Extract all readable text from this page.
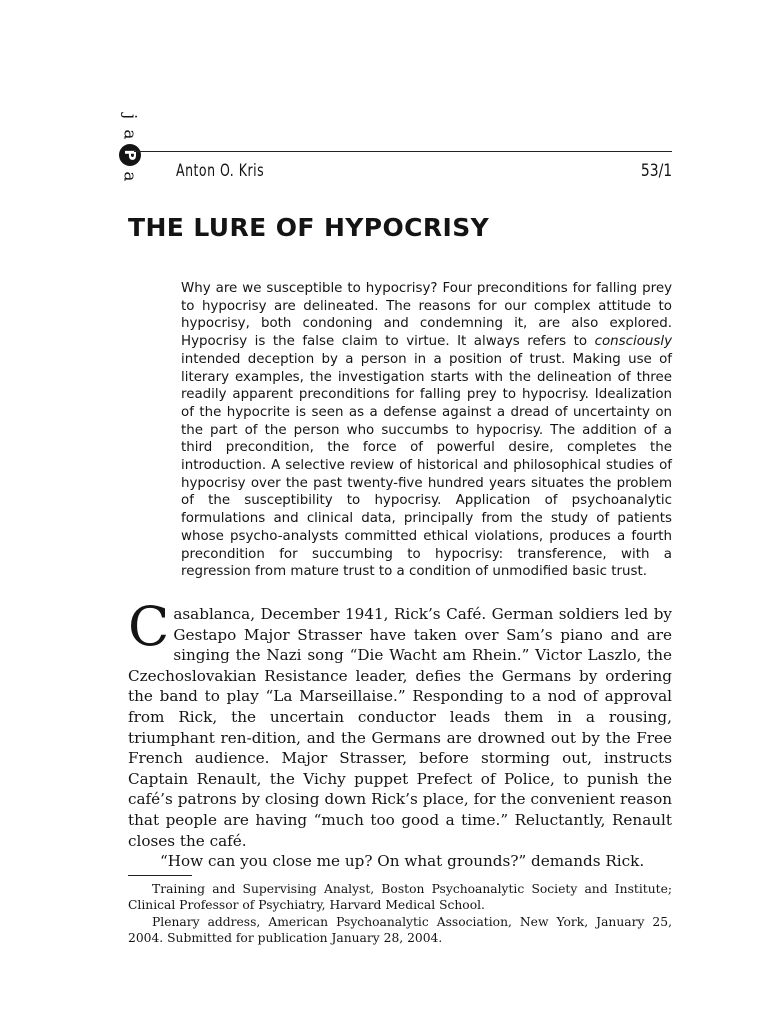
j
a
P
a Anton O. Kris	53/1
THE LURE OF HYPOCRISY

Why are we susceptible to hypocrisy? Four preconditions for falling prey to hypocrisy are delineated. The reasons for our complex attitude to hypocrisy, both condoning and condemning it, are also explored. Hypocrisy is the false claim to virtue. It always refers to consciously intended deception by a person in a position of trust. Making use of literary examples, the investigation starts with the delineation of three readily apparent preconditions for falling prey to hypocrisy. Idealization of the hypocrite is seen as a defense against a dread of uncertainty on the part of the person who succumbs to hypocrisy. The addition of a third precondition, the force of powerful desire, completes the introduction. A selective review of historical and philosophical studies of hypocrisy over the past twenty-five hundred years situates the problem of the susceptibility to hypocrisy. Application of psychoanalytic formulations and clinical data, principally from the study of patients whose psycho-analysts committed ethical violations, produces a fourth precondition for succumbing to hypocrisy: transference, with a regression from mature trust to a condition of unmodified basic trust.

Casablanca, December 1941, Rick’s Café. German soldiers led by Gestapo Major Strasser have taken over Sam’s piano and are singing the Nazi song “Die Wacht am Rhein.” Victor Laszlo, the Czechoslovakian Resistance leader, defies the Germans by ordering the band to play “La Marseillaise.” Responding to a nod of approval from Rick, the uncertain conductor leads them in a rousing, triumphant ren-dition, and the Germans are drowned out by the Free French audience. Major Strasser, before storming out, instructs Captain Renault, the Vichy puppet Prefect of Police, to punish the café’s patrons by closing down Rick’s place, for the convenient reason that people are having “much too good a time.” Reluctantly, Renault closes the café.

“How can you close me up? On what grounds?” demands Rick.

Training and Supervising Analyst, Boston Psychoanalytic Society and Institute; Clinical Professor of Psychiatry, Harvard Medical School.

Plenary address, American Psychoanalytic Association, New York, January 25, 2004. Submitted for publication January 28, 2004.
